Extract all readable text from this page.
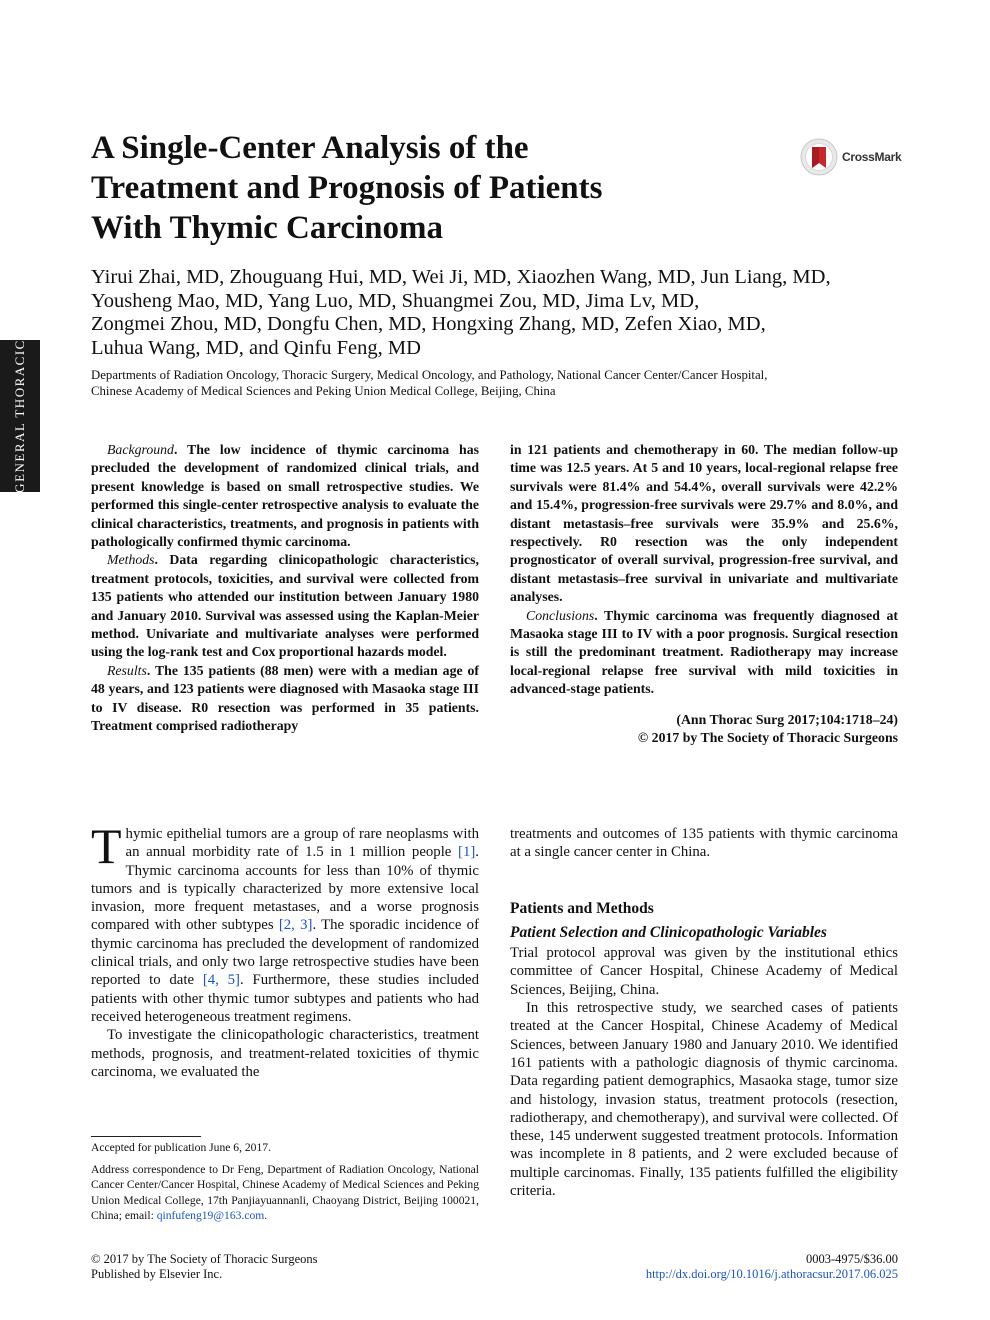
GENERAL THORACIC
A Single-Center Analysis of the
Treatment and Prognosis of Patients
With Thymic Carcinoma
CrossMark
Yirui Zhai, MD, Zhouguang Hui, MD, Wei Ji, MD, Xiaozhen Wang, MD, Jun Liang, MD,
Yousheng Mao, MD, Yang Luo, MD, Shuangmei Zou, MD, Jima Lv, MD,
Zongmei Zhou, MD, Dongfu Chen, MD, Hongxing Zhang, MD, Zefen Xiao, MD,
Luhua Wang, MD, and Qinfu Feng, MD
Departments of Radiation Oncology, Thoracic Surgery, Medical Oncology, and Pathology, National Cancer Center/Cancer Hospital,
Chinese Academy of Medical Sciences and Peking Union Medical College, Beijing, China

Background. The low incidence of thymic carcinoma has precluded the development of randomized clinical trials, and present knowledge is based on small retrospective studies. We performed this single-center retrospective analysis to evaluate the clinical characteristics, treatments, and prognosis in patients with pathologically confirmed thymic carcinoma.

Methods. Data regarding clinicopathologic characteristics, treatment protocols, toxicities, and survival were collected from 135 patients who attended our institution between January 1980 and January 2010. Survival was assessed using the Kaplan-Meier method. Univariate and multivariate analyses were performed using the log-rank test and Cox proportional hazards model.

Results. The 135 patients (88 men) were with a median age of 48 years, and 123 patients were diagnosed with Masaoka stage III to IV disease. R0 resection was performed in 35 patients. Treatment comprised radiotherapy

in 121 patients and chemotherapy in 60. The median follow-up time was 12.5 years. At 5 and 10 years, local-regional relapse free survivals were 81.4% and 54.4%, overall survivals were 42.2% and 15.4%, progression-free survivals were 29.7% and 8.0%, and distant metastasis–free survivals were 35.9% and 25.6%, respectively. R0 resection was the only independent prognosticator of overall survival, progression-free survival, and distant metastasis–free survival in univariate and multivariate analyses.

Conclusions. Thymic carcinoma was frequently diagnosed at Masaoka stage III to IV with a poor prognosis. Surgical resection is still the predominant treatment. Radiotherapy may increase local-regional relapse free survival with mild toxicities in advanced-stage patients.

(Ann Thorac Surg 2017;104:1718–24)
© 2017 by The Society of Thoracic Surgeons

Thymic epithelial tumors are a group of rare neoplasms with an annual morbidity rate of 1.5 in 1 million people [1]. Thymic carcinoma accounts for less than 10% of thymic tumors and is typically characterized by more extensive local invasion, more frequent metastases, and a worse prognosis compared with other subtypes [2, 3]. The sporadic incidence of thymic carcinoma has precluded the development of randomized clinical trials, and only two large retrospective studies have been reported to date [4, 5]. Furthermore, these studies included patients with other thymic tumor subtypes and patients who had received heterogeneous treatment regimens.

To investigate the clinicopathologic characteristics, treatment methods, prognosis, and treatment-related toxicities of thymic carcinoma, we evaluated the

treatments and outcomes of 135 patients with thymic carcinoma at a single cancer center in China.

Patients and Methods
Patient Selection and Clinicopathologic Variables

Trial protocol approval was given by the institutional ethics committee of Cancer Hospital, Chinese Academy of Medical Sciences, Beijing, China.

In this retrospective study, we searched cases of patients treated at the Cancer Hospital, Chinese Academy of Medical Sciences, between January 1980 and January 2010. We identified 161 patients with a pathologic diagnosis of thymic carcinoma. Data regarding patient demographics, Masaoka stage, tumor size and histology, invasion status, treatment protocols (resection, radiotherapy, and chemotherapy), and survival were collected. Of these, 145 underwent suggested treatment protocols. Information was incomplete in 8 patients, and 2 were excluded because of multiple carcinomas. Finally, 135 patients fulfilled the eligibility criteria.

Accepted for publication June 6, 2017.

Address correspondence to Dr Feng, Department of Radiation Oncology, National Cancer Center/Cancer Hospital, Chinese Academy of Medical Sciences and Peking Union Medical College, 17th Panjiayuannanli, Chaoyang District, Beijing 100021, China; email: qinfufeng19@163.com.

© 2017 by The Society of Thoracic Surgeons
Published by Elsevier Inc.
0003-4975/$36.00
http://dx.doi.org/10.1016/j.athoracsur.2017.06.025
